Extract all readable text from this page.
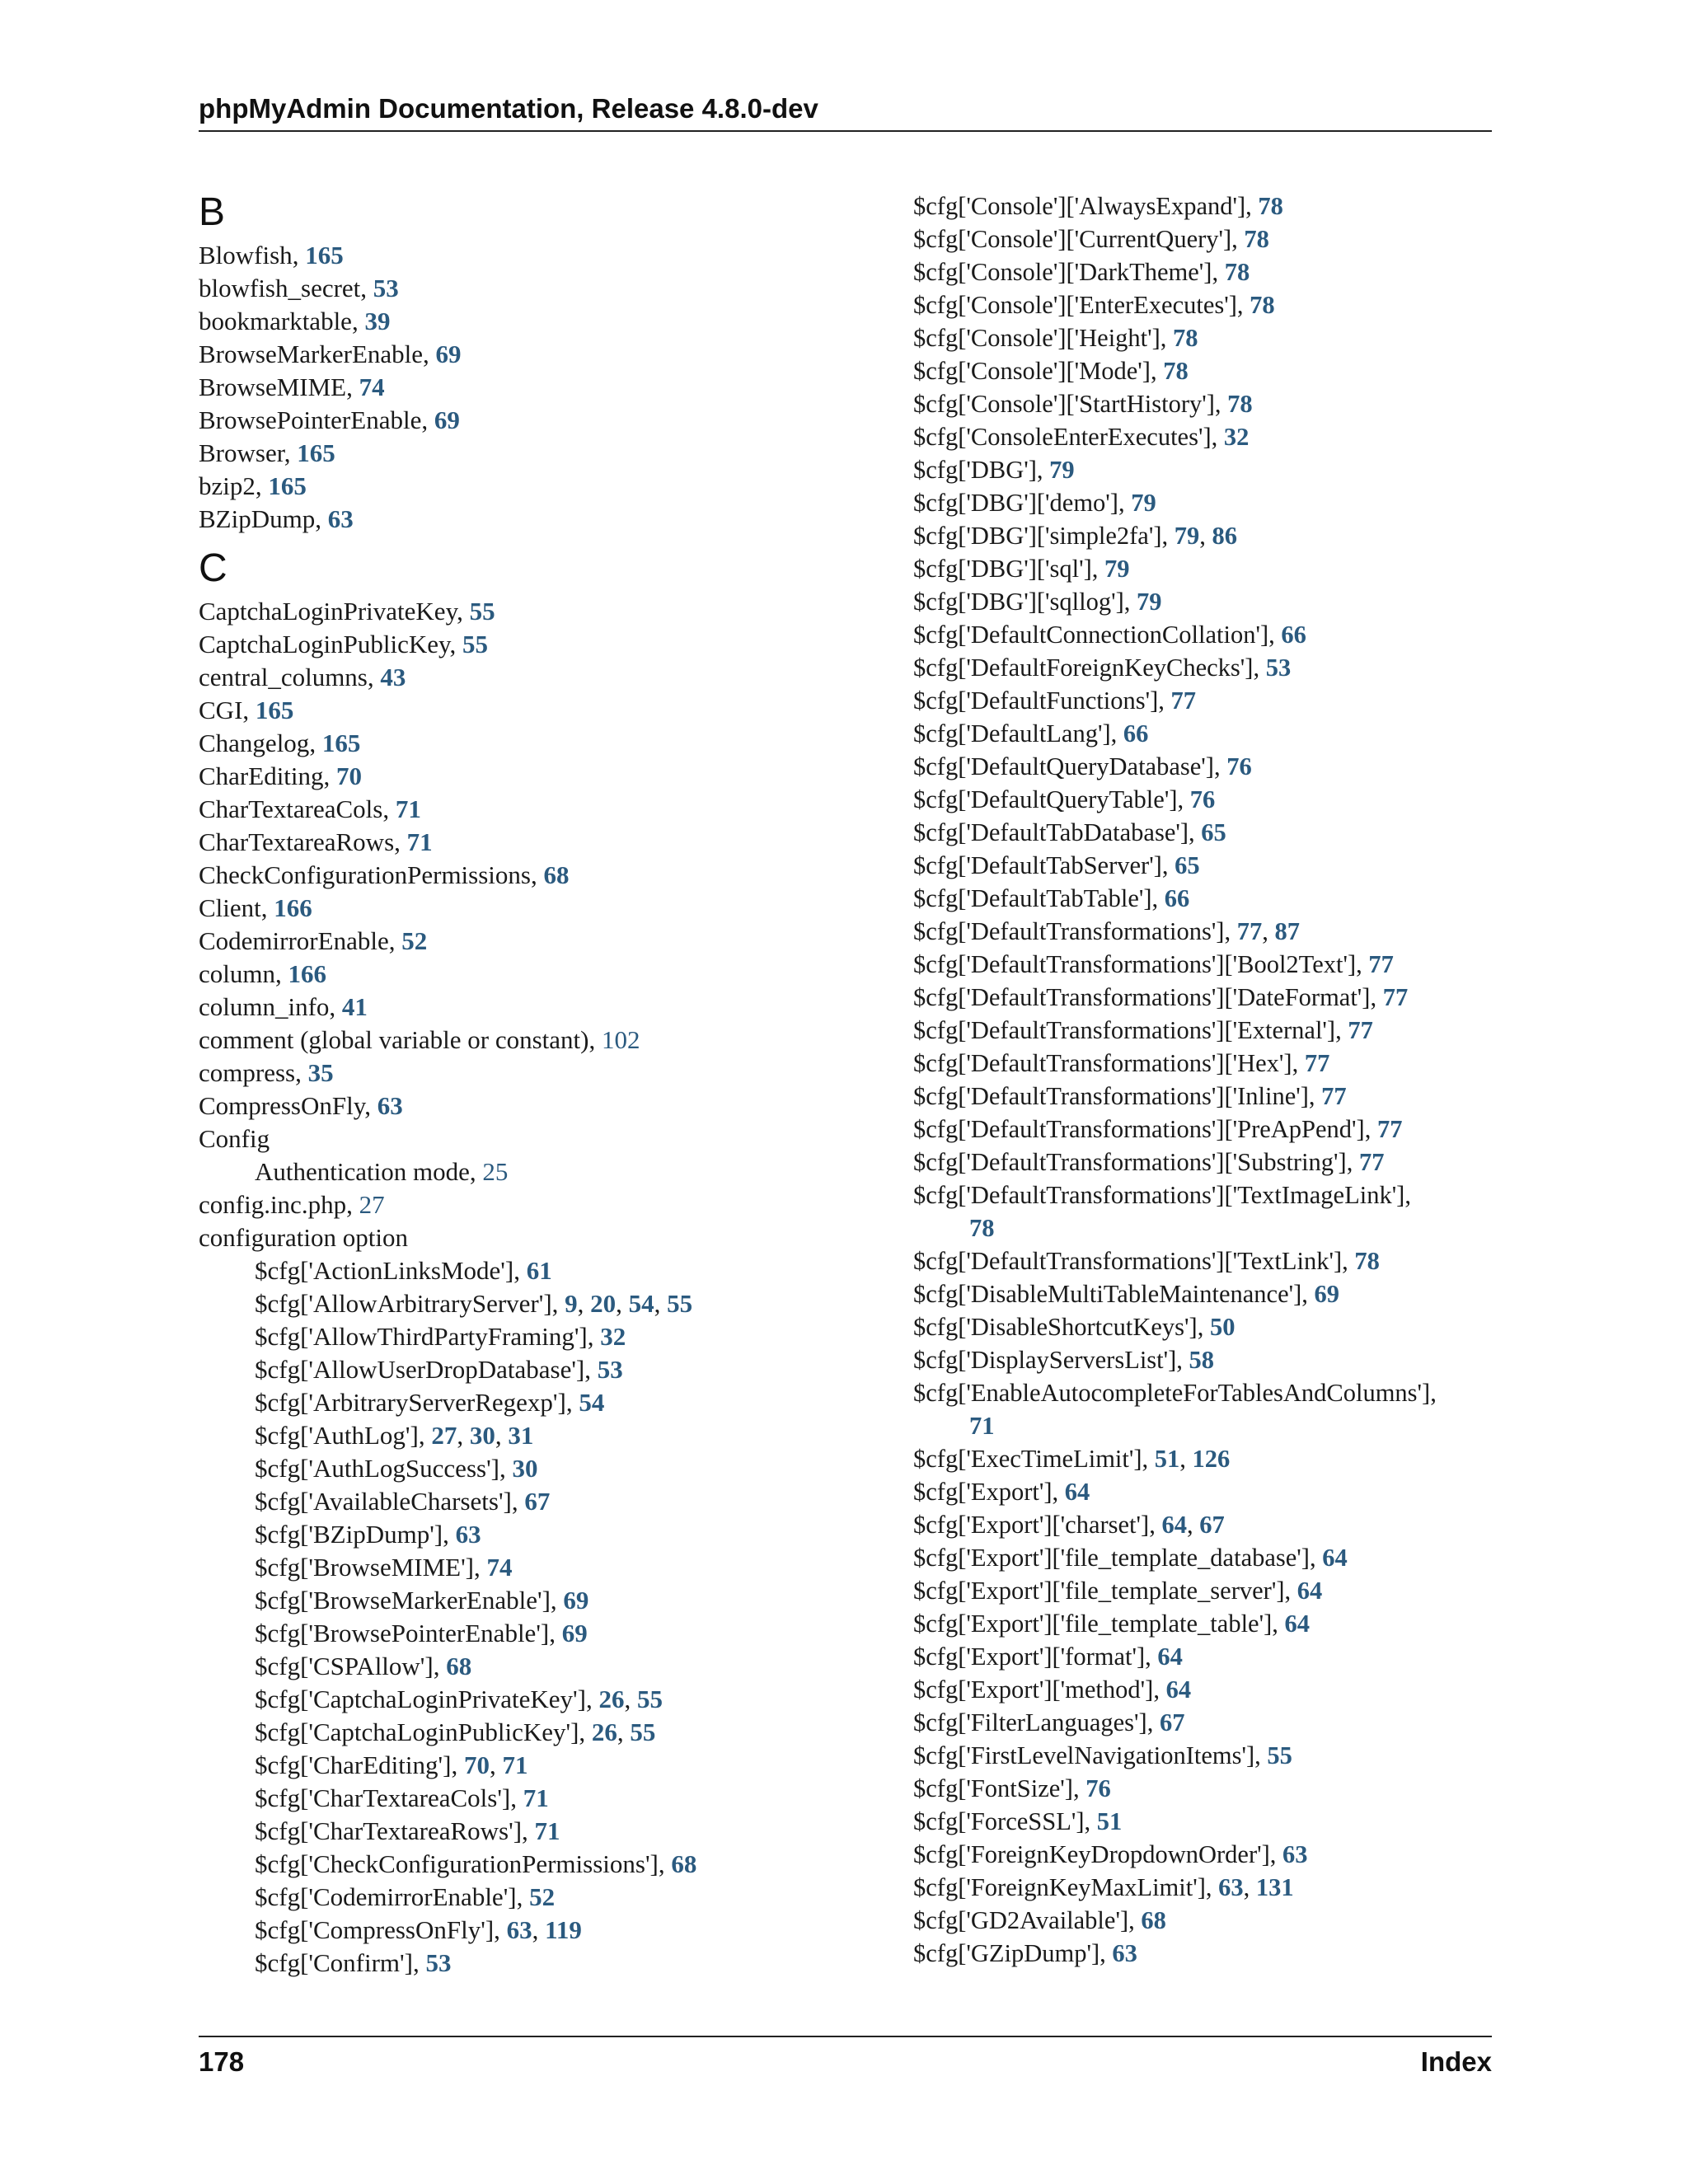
phpMyAdmin Documentation, Release 4.8.0-dev
B
Blowfish, 165
blowfish_secret, 53
bookmarktable, 39
BrowseMarkerEnable, 69
BrowseMIME, 74
BrowsePointerEnable, 69
Browser, 165
bzip2, 165
BZipDump, 63
C
CaptchaLoginPrivateKey, 55
CaptchaLoginPublicKey, 55
central_columns, 43
CGI, 165
Changelog, 165
CharEditing, 70
CharTextareaCols, 71
CharTextareaRows, 71
CheckConfigurationPermissions, 68
Client, 166
CodemirrorEnable, 52
column, 166
column_info, 41
comment (global variable or constant), 102
compress, 35
CompressOnFly, 63
Config
Authentication mode, 25
config.inc.php, 27
configuration option
$cfg['ActionLinksMode'], 61
$cfg['AllowArbitraryServer'], 9, 20, 54, 55
$cfg['AllowThirdPartyFraming'], 32
$cfg['AllowUserDropDatabase'], 53
$cfg['ArbitraryServerRegexp'], 54
$cfg['AuthLog'], 27, 30, 31
$cfg['AuthLogSuccess'], 30
$cfg['AvailableCharsets'], 67
$cfg['BZipDump'], 63
$cfg['BrowseMIME'], 74
$cfg['BrowseMarkerEnable'], 69
$cfg['BrowsePointerEnable'], 69
$cfg['CSPAllow'], 68
$cfg['CaptchaLoginPrivateKey'], 26, 55
$cfg['CaptchaLoginPublicKey'], 26, 55
$cfg['CharEditing'], 70, 71
$cfg['CharTextareaCols'], 71
$cfg['CharTextareaRows'], 71
$cfg['CheckConfigurationPermissions'], 68
$cfg['CodemirrorEnable'], 52
$cfg['CompressOnFly'], 63, 119
$cfg['Confirm'], 53
$cfg['Console']['AlwaysExpand'], 78
$cfg['Console']['CurrentQuery'], 78
$cfg['Console']['DarkTheme'], 78
$cfg['Console']['EnterExecutes'], 78
$cfg['Console']['Height'], 78
$cfg['Console']['Mode'], 78
$cfg['Console']['StartHistory'], 78
$cfg['ConsoleEnterExecutes'], 32
$cfg['DBG'], 79
$cfg['DBG']['demo'], 79
$cfg['DBG']['simple2fa'], 79, 86
$cfg['DBG']['sql'], 79
$cfg['DBG']['sqllog'], 79
$cfg['DefaultConnectionCollation'], 66
$cfg['DefaultForeignKeyChecks'], 53
$cfg['DefaultFunctions'], 77
$cfg['DefaultLang'], 66
$cfg['DefaultQueryDatabase'], 76
$cfg['DefaultQueryTable'], 76
$cfg['DefaultTabDatabase'], 65
$cfg['DefaultTabServer'], 65
$cfg['DefaultTabTable'], 66
$cfg['DefaultTransformations'], 77, 87
$cfg['DefaultTransformations']['Bool2Text'], 77
$cfg['DefaultTransformations']['DateFormat'], 77
$cfg['DefaultTransformations']['External'], 77
$cfg['DefaultTransformations']['Hex'], 77
$cfg['DefaultTransformations']['Inline'], 77
$cfg['DefaultTransformations']['PreApPend'], 77
$cfg['DefaultTransformations']['Substring'], 77
$cfg['DefaultTransformations']['TextImageLink'],
78
$cfg['DefaultTransformations']['TextLink'], 78
$cfg['DisableMultiTableMaintenance'], 69
$cfg['DisableShortcutKeys'], 50
$cfg['DisplayServersList'], 58
$cfg['EnableAutocompleteForTablesAndColumns'],
71
$cfg['ExecTimeLimit'], 51, 126
$cfg['Export'], 64
$cfg['Export']['charset'], 64, 67
$cfg['Export']['file_template_database'], 64
$cfg['Export']['file_template_server'], 64
$cfg['Export']['file_template_table'], 64
$cfg['Export']['format'], 64
$cfg['Export']['method'], 64
$cfg['FilterLanguages'], 67
$cfg['FirstLevelNavigationItems'], 55
$cfg['FontSize'], 76
$cfg['ForceSSL'], 51
$cfg['ForeignKeyDropdownOrder'], 63
$cfg['ForeignKeyMaxLimit'], 63, 131
$cfg['GD2Available'], 68
$cfg['GZipDump'], 63
178	Index
